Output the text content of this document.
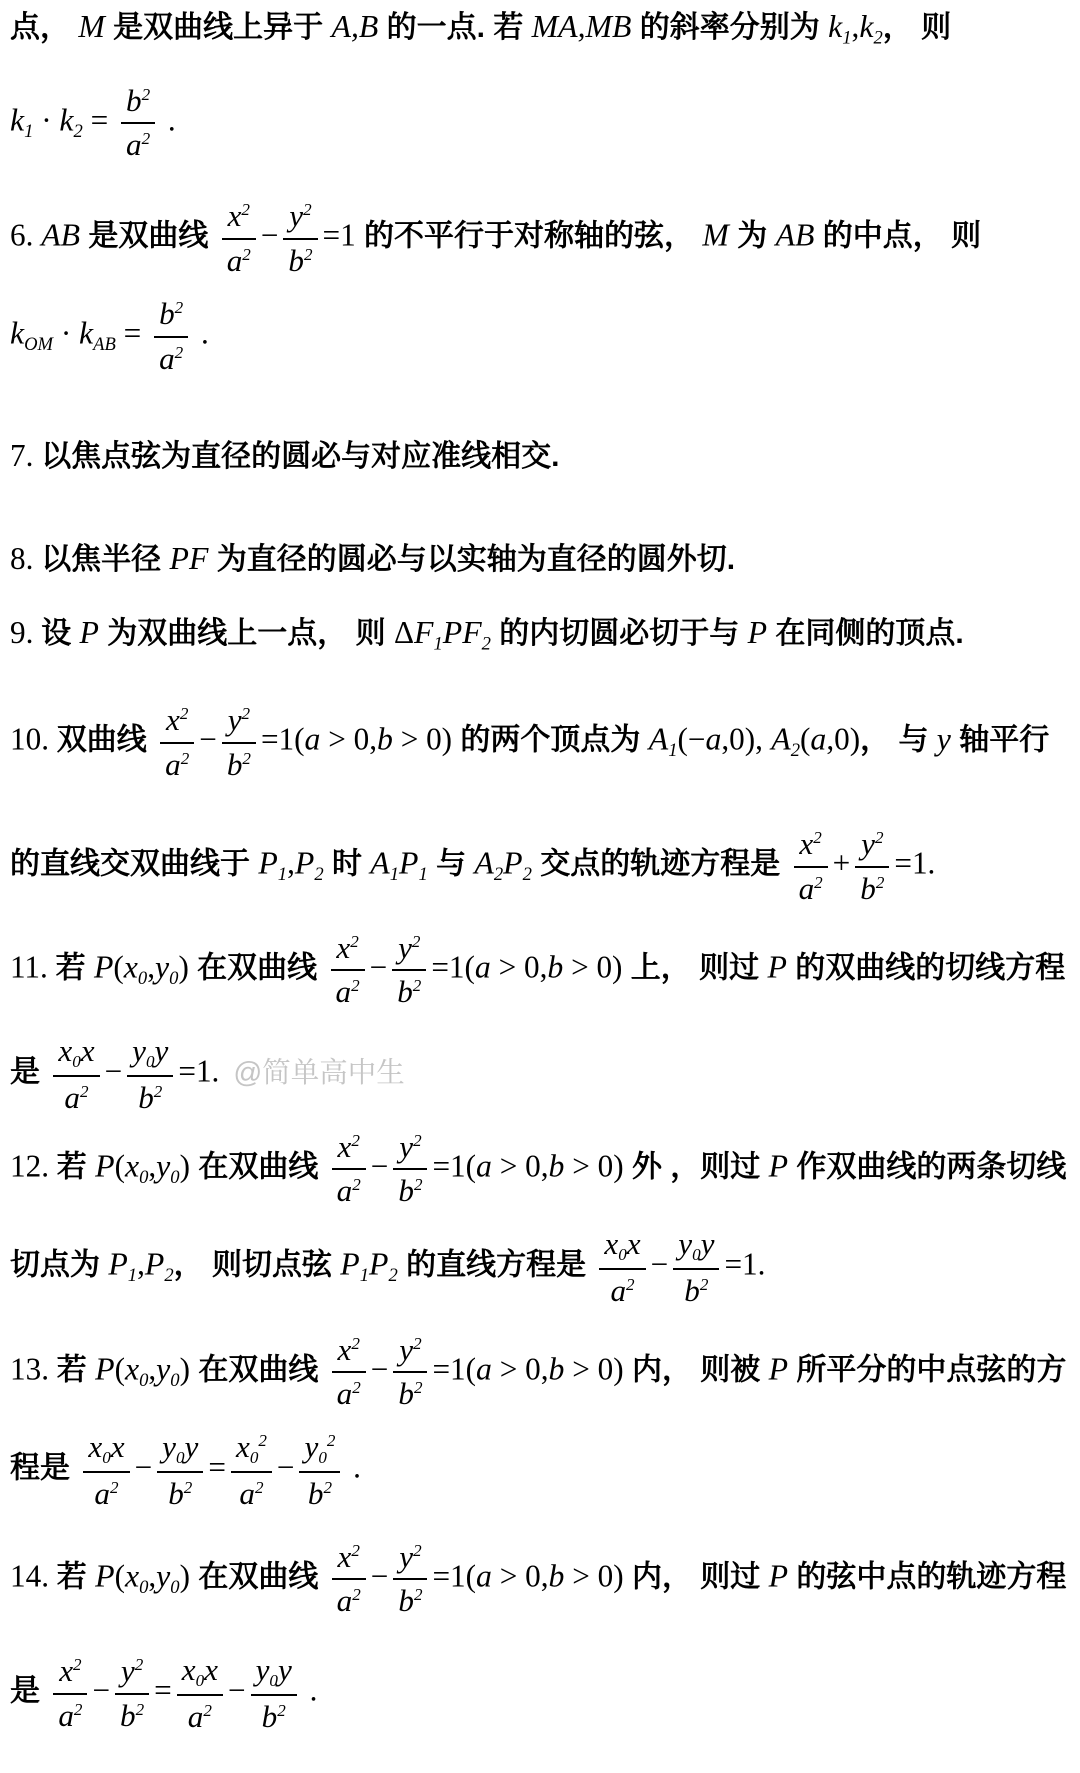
点， M 是双曲线上异于 A,B 的一点. 若 MA,MB 的斜率分别为 $k_1,k_2$， 则
$k_1 \cdot k_2 = \frac{b^2}{a^2}$ .
6. AB 是双曲线 $\frac{x^2}{a^2} - \frac{y^2}{b^2} =1$ 的不平行于对称轴的弦， M 为 AB 的中点， 则
$k_{OM} \cdot k_{AB} = \frac{b^2}{a^2}$ .
7. 以焦点弦为直径的圆必与对应准线相交.
8. 以焦半径 PF 为直径的圆必与以实轴为直径的圆外切.
9. 设 P 为双曲线上一点， 则 $\Delta F_1PF_2$ 的内切圆必切于与 P 在同侧的顶点.
10. 双曲线 $\frac{x^2}{a^2} - \frac{y^2}{b^2} =1(a > 0,b > 0)$ 的两个顶点为 $A_1(-a,0)$, $A_2(a,0)$， 与 y 轴平行
的直线交双曲线于 $P_1,P_2$ 时 $A_1P_1$ 与 $A_2P_2$ 交点的轨迹方程是 $\frac{x^2}{a^2} + \frac{y^2}{b^2} =1$.
11. 若 $P(x_0,y_0)$ 在双曲线 $\frac{x^2}{a^2} - \frac{y^2}{b^2} =1(a > 0,b > 0)$ 上， 则过 P 的双曲线的切线方程
是 $\frac{x_0x}{a^2} - \frac{y_0y}{b^2} =1$. @简单高中生
12. 若 $P(x_0,y_0)$ 在双曲线 $\frac{x^2}{a^2} - \frac{y^2}{b^2} =1(a > 0,b > 0)$ 外 ，则过 P 作双曲线的两条切线
切点为 $P_1,P_2$， 则切点弦 $P_1P_2$ 的直线方程是 $\frac{x_0x}{a^2} - \frac{y_0y}{b^2} =1$.
13. 若 $P(x_0,y_0)$ 在双曲线 $\frac{x^2}{a^2} - \frac{y^2}{b^2} =1(a > 0,b > 0)$ 内， 则被 P 所平分的中点弦的方
程是 $\frac{x_0x}{a^2} - \frac{y_0y}{b^2} = \frac{x_0^2}{a^2} - \frac{y_0^2}{b^2}$ .
14. 若 $P(x_0,y_0)$ 在双曲线 $\frac{x^2}{a^2} - \frac{y^2}{b^2} =1(a > 0,b > 0)$ 内， 则过 P 的弦中点的轨迹方程
是 $\frac{x^2}{a^2} - \frac{y^2}{b^2} = \frac{x_0x}{a^2} - \frac{y_0y}{b^2}$ .
